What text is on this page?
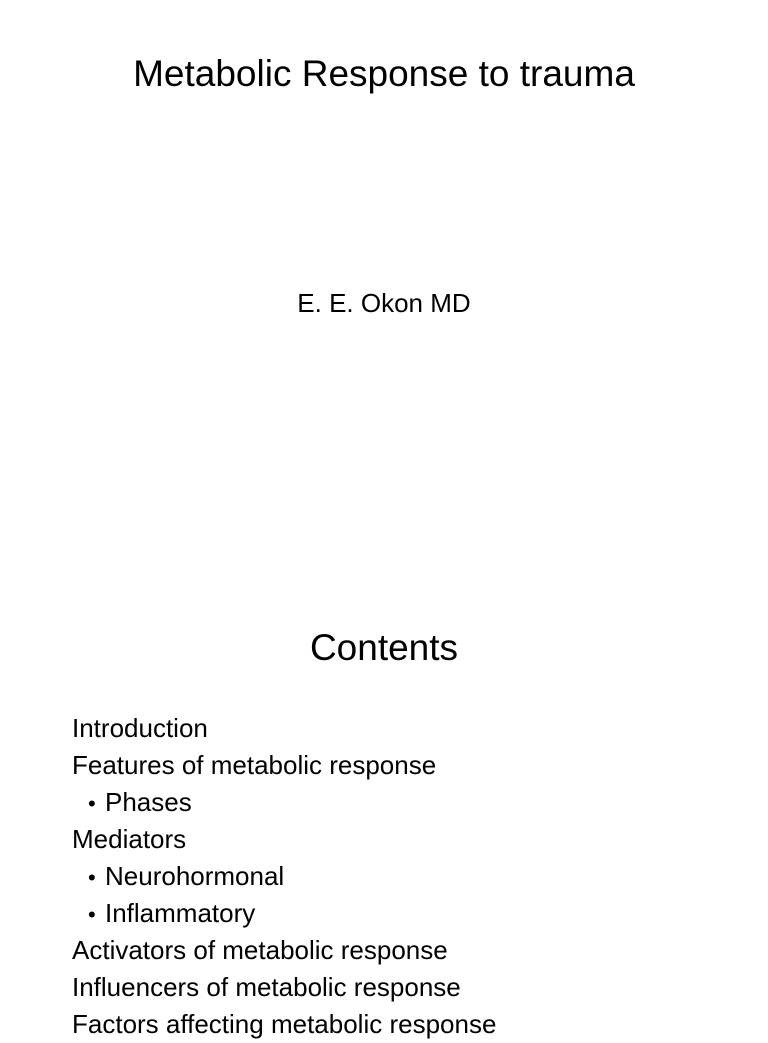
Metabolic Response to trauma
E. E. Okon MD
Contents
Introduction
Features of metabolic response
• Phases
Mediators
• Neurohormonal
• Inflammatory
Activators of metabolic response
Influencers of metabolic response
Factors affecting metabolic response
